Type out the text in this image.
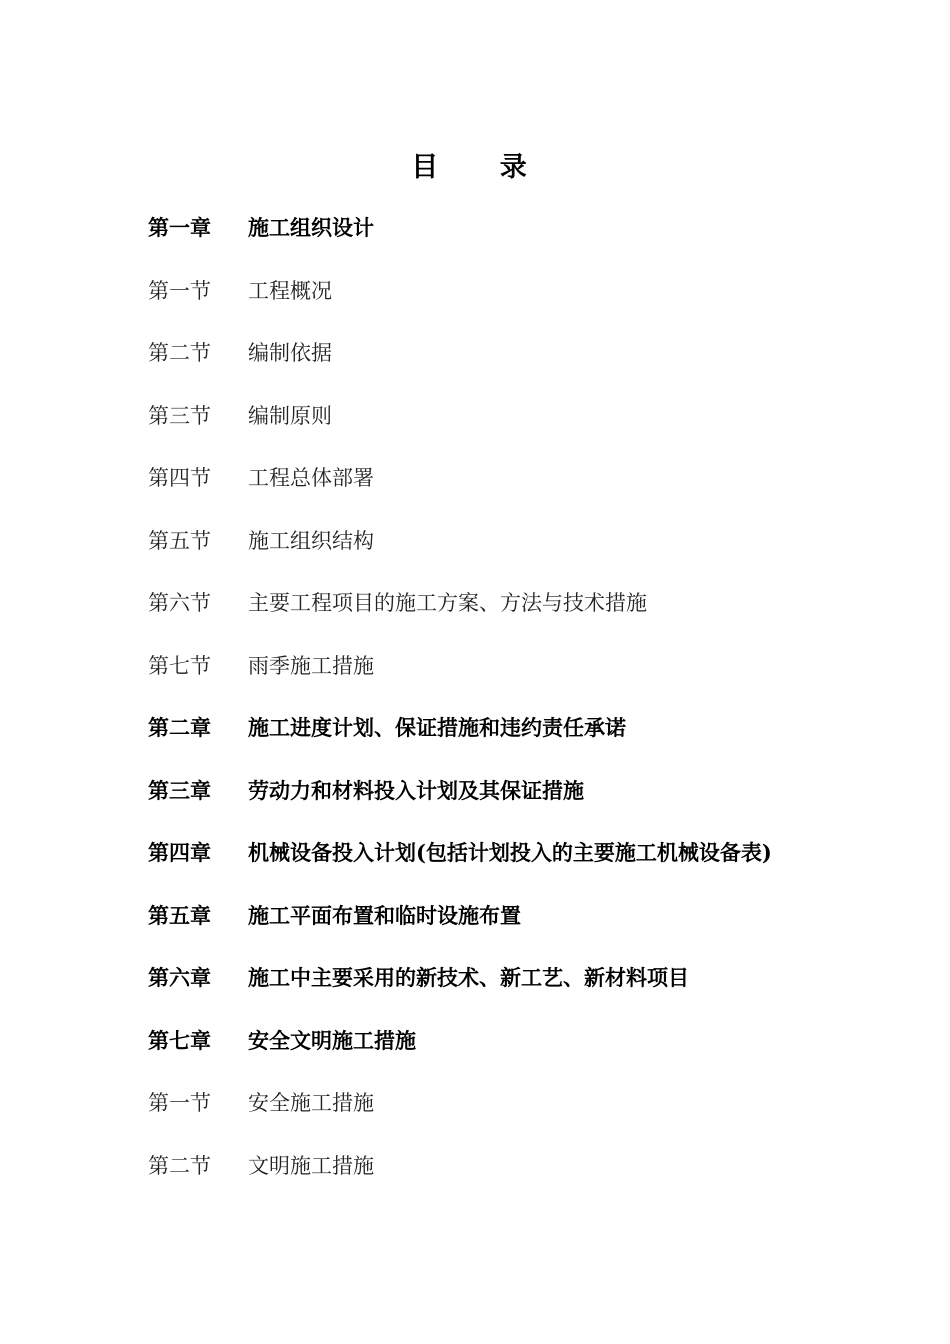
目 录
第一章	施工组织设计
第一节	工程概况
第二节	编制依据
第三节	编制原则
第四节	工程总体部署
第五节	施工组织结构
第六节	主要工程项目的施工方案、方法与技术措施
第七节	雨季施工措施
第二章	施工进度计划、保证措施和违约责任承诺
第三章	劳动力和材料投入计划及其保证措施
第四章	机械设备投入计划(包括计划投入的主要施工机械设备表)
第五章	施工平面布置和临时设施布置
第六章	施工中主要采用的新技术、新工艺、新材料项目
第七章	安全文明施工措施
第一节	安全施工措施
第二节	文明施工措施
